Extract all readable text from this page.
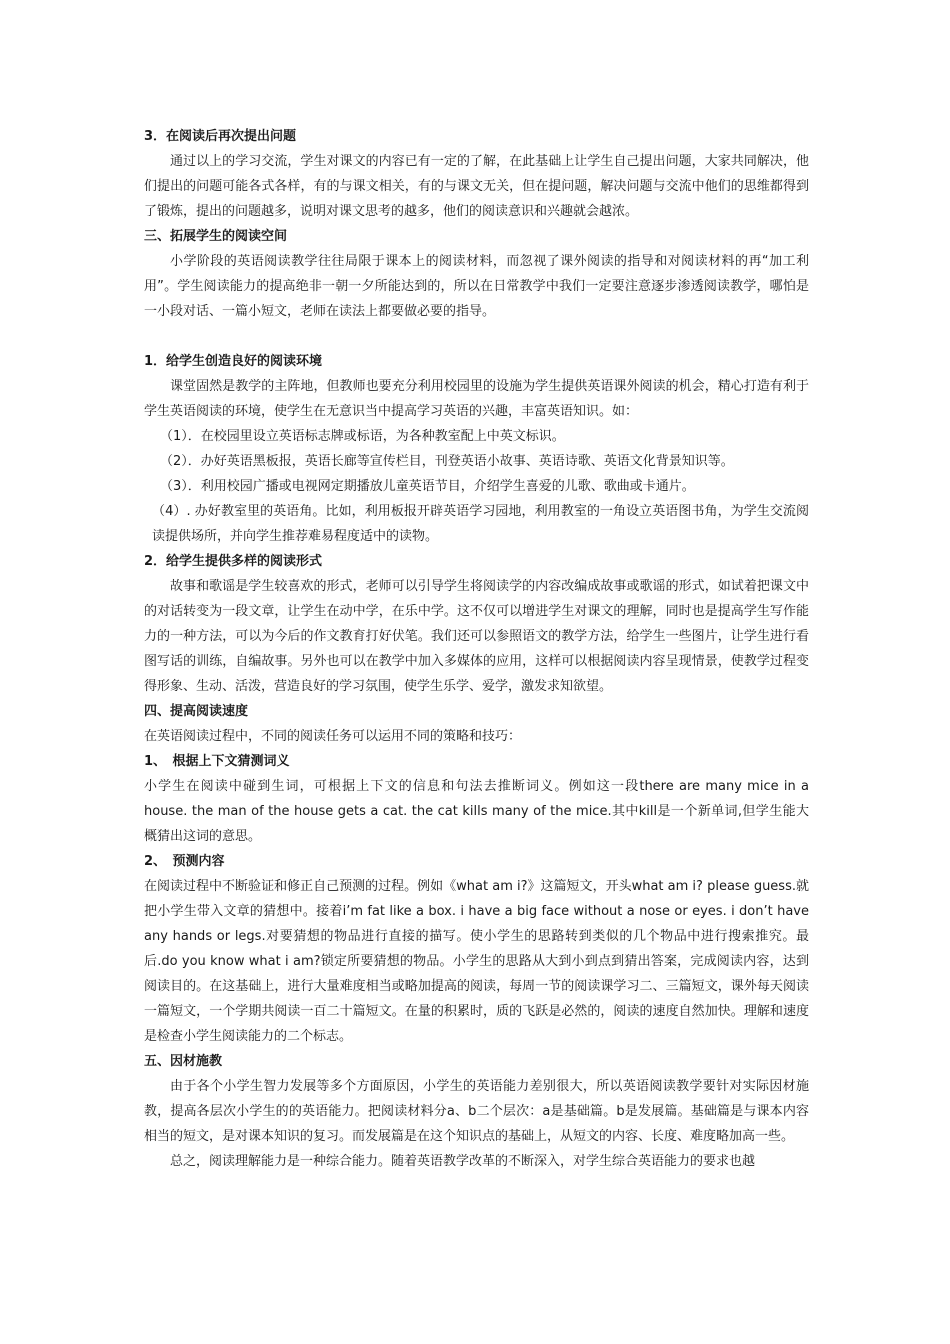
3．在阅读后再次提出问题

通过以上的学习交流，学生对课文的内容已有一定的了解，在此基础上让学生自己提出问题，大家共同解决，他们提出的问题可能各式各样，有的与课文相关，有的与课文无关，但在提问题，解决问题与交流中他们的思维都得到了锻炼，提出的问题越多，说明对课文思考的越多，他们的阅读意识和兴趣就会越浓。

三、拓展学生的阅读空间

小学阶段的英语阅读教学往往局限于课本上的阅读材料，而忽视了课外阅读的指导和对阅读材料的再“加工利用”。学生阅读能力的提高绝非一朝一夕所能达到的，所以在日常教学中我们一定要注意逐步渗透阅读教学，哪怕是一小段对话、一篇小短文，老师在读法上都要做必要的指导。

1．给学生创造良好的阅读环境

课堂固然是教学的主阵地，但教师也要充分利用校园里的设施为学生提供英语课外阅读的机会，精心打造有利于学生英语阅读的环境，使学生在无意识当中提高学习英语的兴趣，丰富英语知识。如：

（1）．在校园里设立英语标志牌或标语，为各种教室配上中英文标识。

（2）．办好英语黑板报，英语长廊等宣传栏目，刊登英语小故事、英语诗歌、英语文化背景知识等。

（3）．利用校园广播或电视网定期播放儿童英语节目，介绍学生喜爱的儿歌、歌曲或卡通片。

（4）. 办好教室里的英语角。比如，利用板报开辟英语学习园地，利用教室的一角设立英语图书角，为学生交流阅读提供场所，并向学生推荐难易程度适中的读物。

2．给学生提供多样的阅读形式

故事和歌谣是学生较喜欢的形式，老师可以引导学生将阅读学的内容改编成故事或歌谣的形式，如试着把课文中的对话转变为一段文章，让学生在动中学，在乐中学。这不仅可以增进学生对课文的理解，同时也是提高学生写作能力的一种方法，可以为今后的作文教育打好伏笔。我们还可以参照语文的教学方法，给学生一些图片，让学生进行看图写话的训练，自编故事。另外也可以在教学中加入多媒体的应用，这样可以根据阅读内容呈现情景，使教学过程变得形象、生动、活泼，营造良好的学习氛围，使学生乐学、爱学，激发求知欲望。

四、提高阅读速度

在英语阅读过程中，不同的阅读任务可以运用不同的策略和技巧：

1、　根据上下文猜测词义

小学生在阅读中碰到生词，可根据上下文的信息和句法去推断词义。例如这一段there are many mice in a house. the man of the house gets a cat. the cat kills many of the mice.其中kill是一个新单词,但学生能大概猜出这词的意思。

2、　预测内容

在阅读过程中不断验证和修正自己预测的过程。例如《what am i?》这篇短文，开头what am i? please guess.就把小学生带入文章的猜想中。接着i’m fat like a box. i have a big face without a nose or eyes. i don’t have any hands or legs.对要猜想的物品进行直接的描写。使小学生的思路转到类似的几个物品中进行搜索推究。最后.do you know what i am?锁定所要猜想的物品。小学生的思路从大到小到点到猜出答案，完成阅读内容，达到阅读目的。在这基础上，进行大量难度相当或略加提高的阅读，每周一节的阅读课学习二、三篇短文，课外每天阅读一篇短文，一个学期共阅读一百二十篇短文。在量的积累时，质的飞跃是必然的，阅读的速度自然加快。理解和速度是检查小学生阅读能力的二个标志。

五、因材施教

由于各个小学生智力发展等多个方面原因，小学生的英语能力差别很大，所以英语阅读教学要针对实际因材施教，提高各层次小学生的的英语能力。把阅读材料分a、b二个层次：a是基础篇。b是发展篇。基础篇是与课本内容相当的短文，是对课本知识的复习。而发展篇是在这个知识点的基础上，从短文的内容、长度、难度略加高一些。

总之，阅读理解能力是一种综合能力。随着英语教学改革的不断深入，对学生综合英语能力的要求也越
